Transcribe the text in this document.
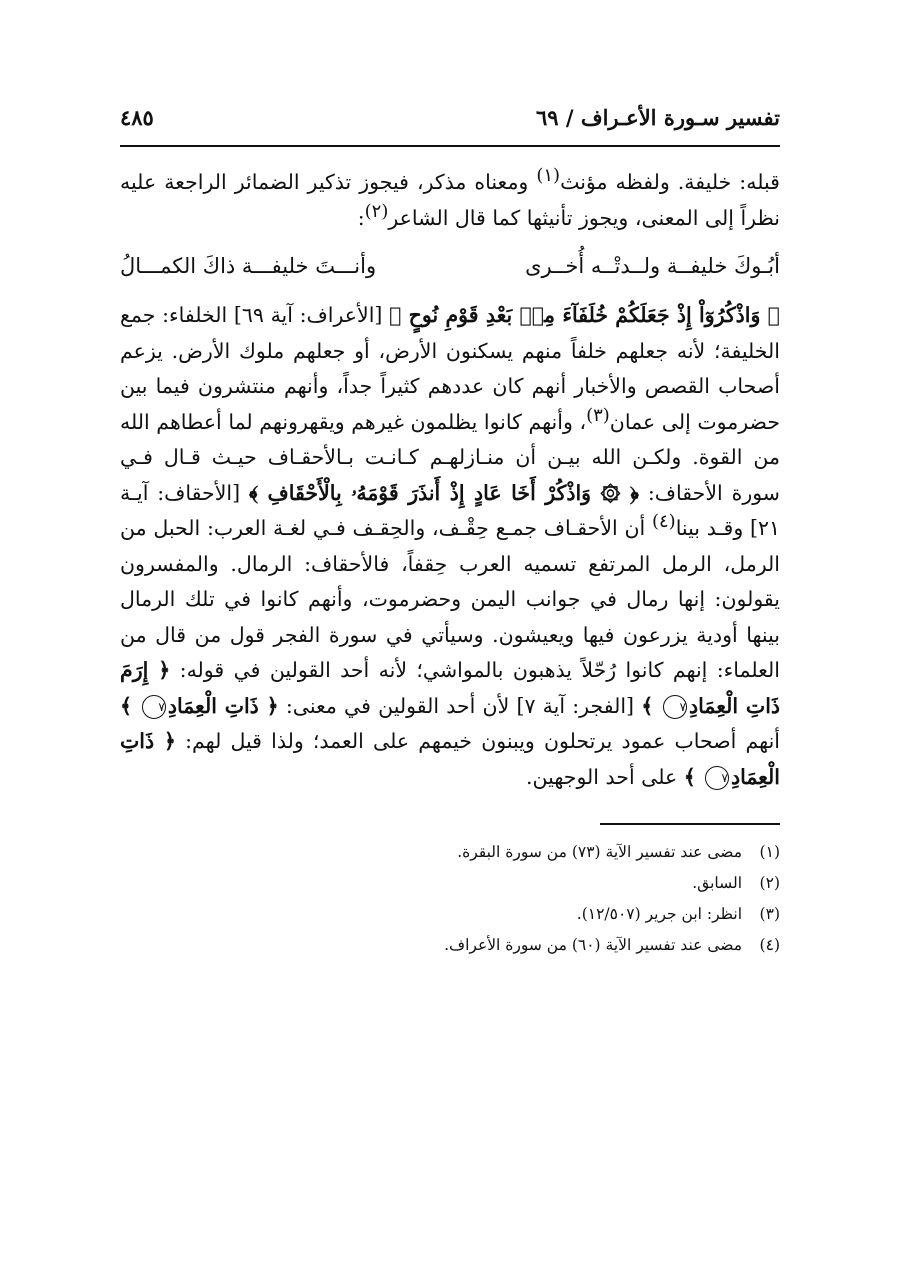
تفسير سـورة الأعـراف / ٦٩
٤٨٥

قبله: خليفة. ولفظه مؤنث(١) ومعناه مذكر، فيجوز تذكير الضمائر الراجعة عليه نظراً إلى المعنى، ويجوز تأنيثها كما قال الشاعر(٢):

أبُـوكَ خليفــة ولــدتْــه أُخــرى
وأنـــتَ خليفـــة ذاكَ الكمـــالُ

﴿ وَاذْكُرُوٓاْ إِذْ جَعَلَكُمْ خُلَفَآءَ مِنۢ بَعْدِ قَوْمِ نُوحٍ ﴾ [الأعراف: آية ٦٩] الخلفاء: جمع الخليفة؛ لأنه جعلهم خلفاً منهم يسكنون الأرض، أو جعلهم ملوك الأرض. يزعم أصحاب القصص والأخبار أنهم كان عددهم كثيراً جداً، وأنهم منتشرون فيما بين حضرموت إلى عمان(٣)، وأنهم كانوا يظلمون غيرهم ويقهرونهم لما أعطاهم الله من القوة. ولكـن الله بيـن أن منـازلهـم كـانـت بـالأحقـاف حيـث قـال فـي سورة الأحقاف: ﴿ ۞ وَاذْكُرْ أَخَا عَادٍ إِذْ أَنذَرَ قَوْمَهُۥ بِالْأَحْقَافِ ﴾ [الأحقاف: آيـة ٢١] وقـد بينا(٤) أن الأحقـاف جمـع حِقْـف، والحِقـف فـي لغـة العرب: الحبل من الرمل، الرمل المرتفع تسميه العرب حِقفاً، فالأحقاف: الرمال. والمفسرون يقولون: إنها رمال في جوانب اليمن وحضرموت، وأنهم كانوا في تلك الرمال بينها أودية يزرعون فيها ويعيشون. وسيأتي في سورة الفجر قول من قال من العلماء: إنهم كانوا رُحّلاً يذهبون بالمواشي؛ لأنه أحد القولين في قوله: ﴿ إِرَمَ ذَاتِ الْعِمَادِ٧ ﴾ [الفجر: آية ٧] لأن أحد القولين في معنى: ﴿ ذَاتِ الْعِمَادِ٧ ﴾ أنهم أصحاب عمود يرتحلون ويبنون خيمهم على العمد؛ ولذا قيل لهم: ﴿ ذَاتِ الْعِمَادِ٧ ﴾ على أحد الوجهين.

(١)مضى عند تفسير الآية (٧٣) من سورة البقرة.

(٢)السابق.

(٣)انظر: ابن جرير (١٢/٥٠٧).

(٤)مضى عند تفسير الآية (٦٠) من سورة الأعراف.
